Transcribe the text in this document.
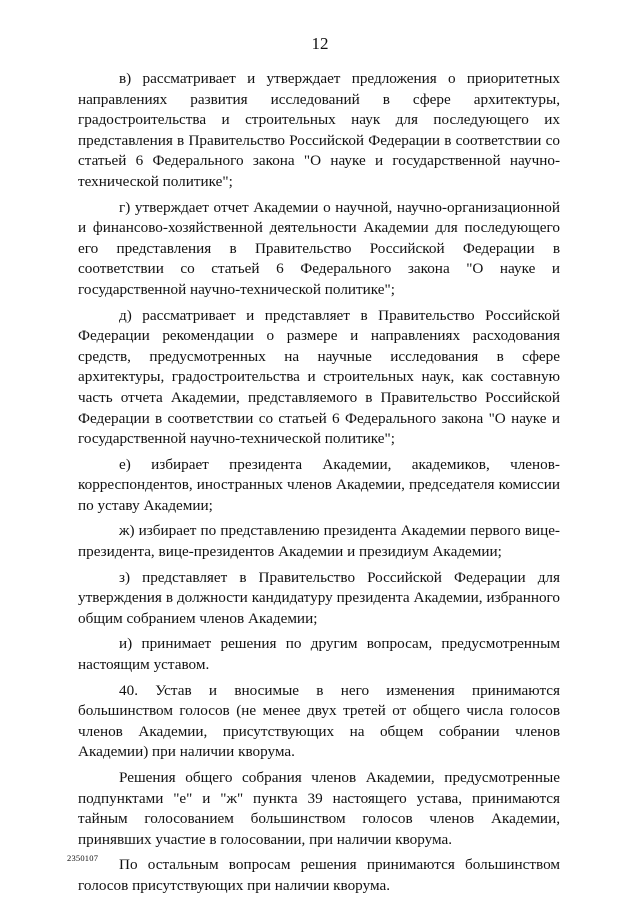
12

в) рассматривает и утверждает предложения о приоритетных направлениях развития исследований в сфере архитектуры, градостроительства и строительных наук для последующего их представления в Правительство Российской Федерации в соответствии со статьей 6 Федерального закона "О науке и государственной научно-технической политике";

г) утверждает отчет Академии о научной, научно-организационной и финансово-хозяйственной деятельности Академии для последующего его представления в Правительство Российской Федерации в соответствии со статьей 6 Федерального закона "О науке и государственной научно-технической политике";

д) рассматривает и представляет в Правительство Российской Федерации рекомендации о размере и направлениях расходования средств, предусмотренных на научные исследования в сфере архитектуры, градостроительства и строительных наук, как составную часть отчета Академии, представляемого в Правительство Российской Федерации в соответствии со статьей 6 Федерального закона "О науке и государственной научно-технической политике";

е) избирает президента Академии, академиков, членов-корреспондентов, иностранных членов Академии, председателя комиссии по уставу Академии;

ж) избирает по представлению президента Академии первого вице-президента, вице-президентов Академии и президиум Академии;

з) представляет в Правительство Российской Федерации для утверждения в должности кандидатуру президента Академии, избранного общим собранием членов Академии;

и) принимает решения по другим вопросам, предусмотренным настоящим уставом.

40. Устав и вносимые в него изменения принимаются большинством голосов (не менее двух третей от общего числа голосов членов Академии, присутствующих на общем собрании членов Академии) при наличии кворума.

Решения общего собрания членов Академии, предусмотренные подпунктами "е" и "ж" пункта 39 настоящего устава, принимаются тайным голосованием большинством голосов членов Академии, принявших участие в голосовании, при наличии кворума.

По остальным вопросам решения принимаются большинством голосов присутствующих при наличии кворума.

2350107
